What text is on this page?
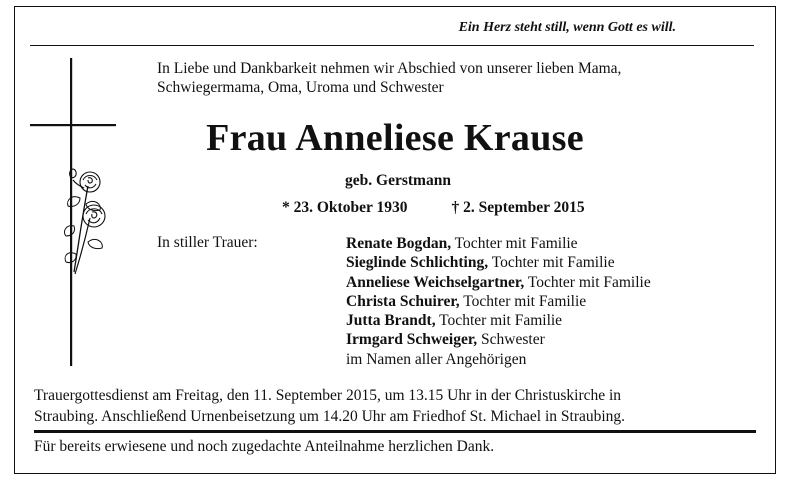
Ein Herz steht still, wenn Gott es will.
In Liebe und Dankbarkeit nehmen wir Abschied von unserer lieben Mama,
Schwiegermama, Oma, Uroma und Schwester
Frau Anneliese Krause
geb. Gerstmann
* 23. Oktober 1930	† 2. September 2015
In stiller Trauer:	Renate Bogdan, Tochter mit Familie
Sieglinde Schlichting, Tochter mit Familie
Anneliese Weichselgartner, Tochter mit Familie
Christa Schuirer, Tochter mit Familie
Jutta Brandt, Tochter mit Familie
Irmgard Schweiger, Schwester
im Namen aller Angehörigen
Trauergottesdienst am Freitag, den 11. September 2015, um 13.15 Uhr in der Christuskirche in
Straubing. Anschließend Urnenbeisetzung um 14.20 Uhr am Friedhof St. Michael in Straubing.
Für bereits erwiesene und noch zugedachte Anteilnahme herzlichen Dank.
